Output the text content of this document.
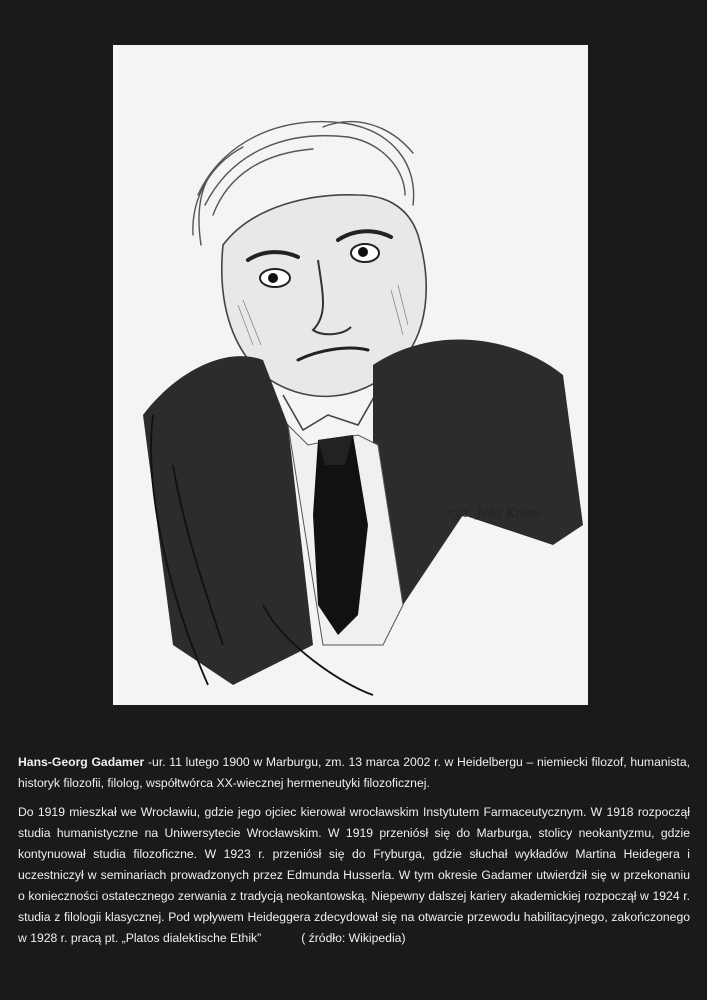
ryz. Jola Knop

Hans-Georg Gadamer -ur. 11 lutego 1900 w Marburgu, zm. 13 marca 2002 r. w Heidelbergu – niemiecki filozof, humanista, historyk filozofii, filolog, współtwórca XX-wiecznej hermeneutyki filozoficznej.

Do 1919 mieszkał we Wrocławiu, gdzie jego ojciec kierował wrocławskim Instytutem Farmaceutycznym. W 1918 rozpoczął studia humanistyczne na Uniwersytecie Wrocławskim. W 1919 przeniósł się do Marburga, stolicy neokantyzmu, gdzie kontynuował studia filozoficzne. W 1923 r. przeniósł się do Fryburga, gdzie słuchał wykładów Martina Heidegera i uczestniczył w seminariach prowadzonych przez Edmunda Husserla. W tym okresie Gadamer utwierdził się w przekonaniu o konieczności ostatecznego zerwania z tradycją neokantowską. Niepewny dalszej kariery akademickiej rozpoczął w 1924 r. studia z filologii klasycznej. Pod wpływem Heideggera zdecydował się na otwarcie przewodu habilitacyjnego, zakończonego w 1928 r. pracą pt. „Platos dialektische Ethik”	( źródło: Wikipedia)
